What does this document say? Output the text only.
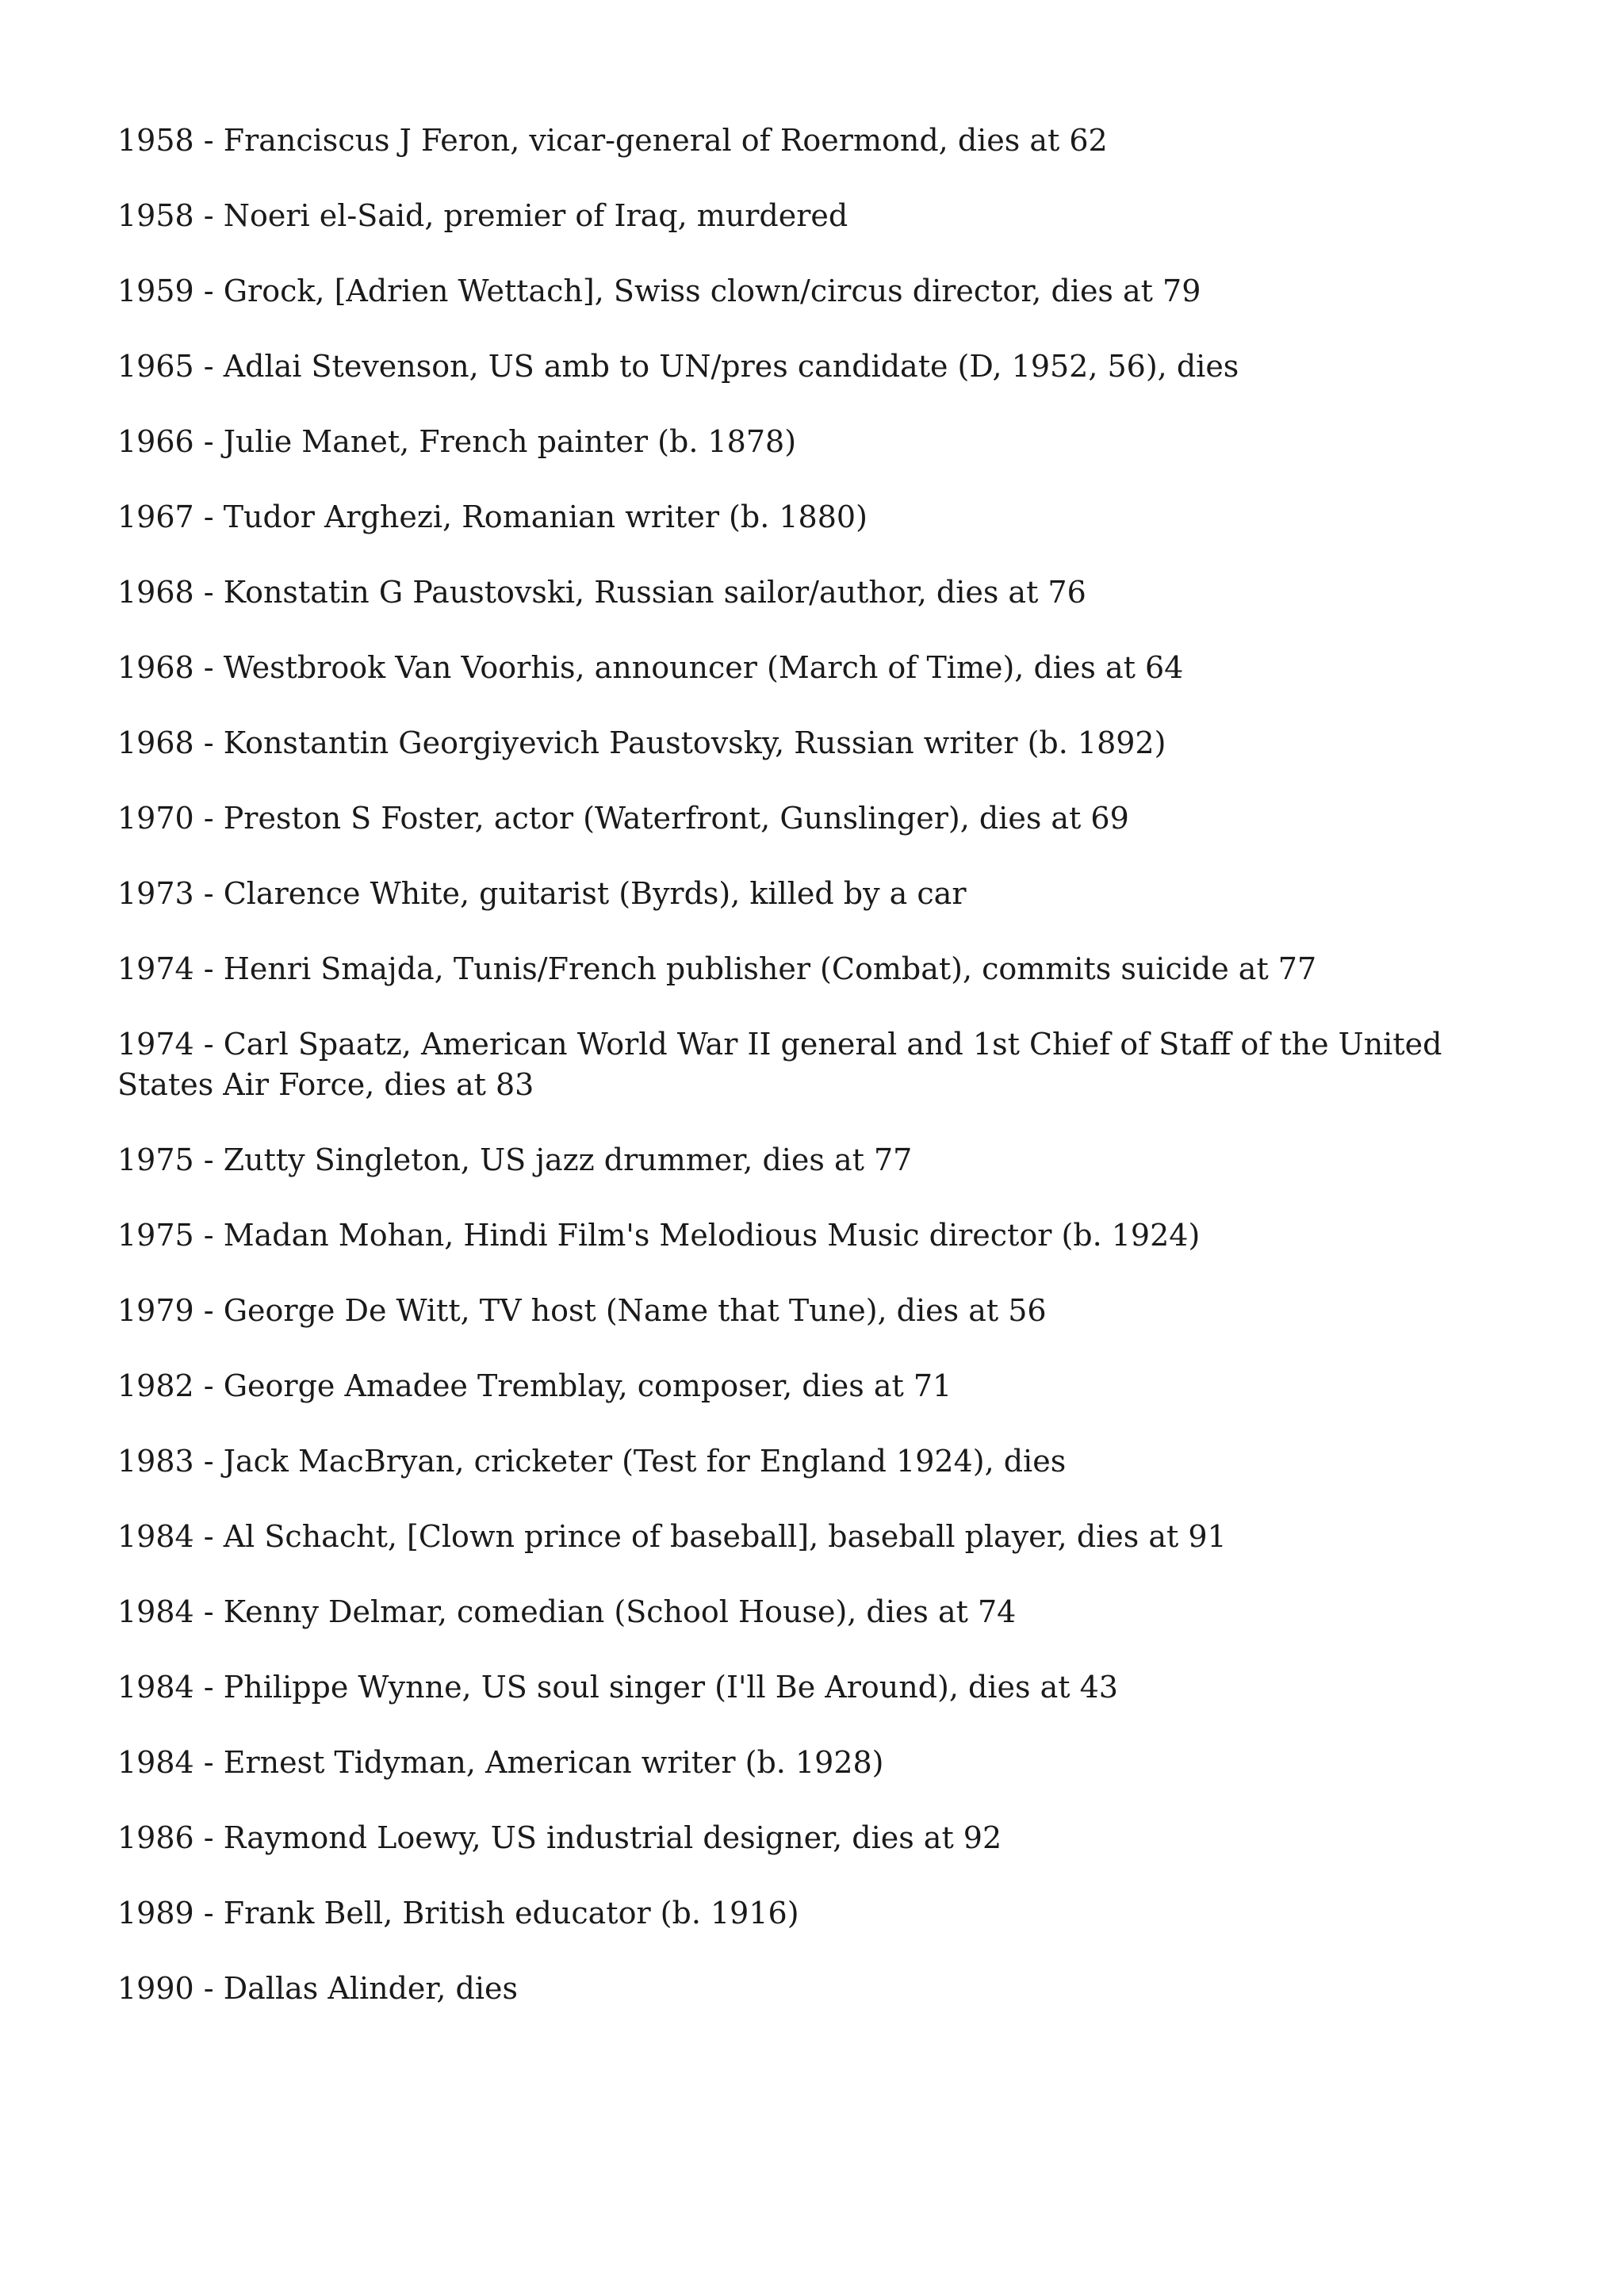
1958 - Franciscus J Feron, vicar-general of Roermond, dies at 62

1958 - Noeri el-Said, premier of Iraq, murdered

1959 - Grock, [Adrien Wettach], Swiss clown/circus director, dies at 79

1965 - Adlai Stevenson, US amb to UN/pres candidate (D, 1952, 56), dies

1966 - Julie Manet, French painter (b. 1878)

1967 - Tudor Arghezi, Romanian writer (b. 1880)

1968 - Konstatin G Paustovski, Russian sailor/author, dies at 76

1968 - Westbrook Van Voorhis, announcer (March of Time), dies at 64

1968 - Konstantin Georgiyevich Paustovsky, Russian writer (b. 1892)

1970 - Preston S Foster, actor (Waterfront, Gunslinger), dies at 69

1973 - Clarence White, guitarist (Byrds), killed by a car

1974 - Henri Smajda, Tunis/French publisher (Combat), commits suicide at 77

1974 - Carl Spaatz, American World War II general and 1st Chief of Staff of the United States Air Force, dies at 83

1975 - Zutty Singleton, US jazz drummer, dies at 77

1975 - Madan Mohan, Hindi Film's Melodious Music director (b. 1924)

1979 - George De Witt, TV host (Name that Tune), dies at 56

1982 - George Amadee Tremblay, composer, dies at 71

1983 - Jack MacBryan, cricketer (Test for England 1924), dies

1984 - Al Schacht, [Clown prince of baseball], baseball player, dies at 91

1984 - Kenny Delmar, comedian (School House), dies at 74

1984 - Philippe Wynne, US soul singer (I'll Be Around), dies at 43

1984 - Ernest Tidyman, American writer (b. 1928)

1986 - Raymond Loewy, US industrial designer, dies at 92

1989 - Frank Bell, British educator (b. 1916)

1990 - Dallas Alinder, dies
